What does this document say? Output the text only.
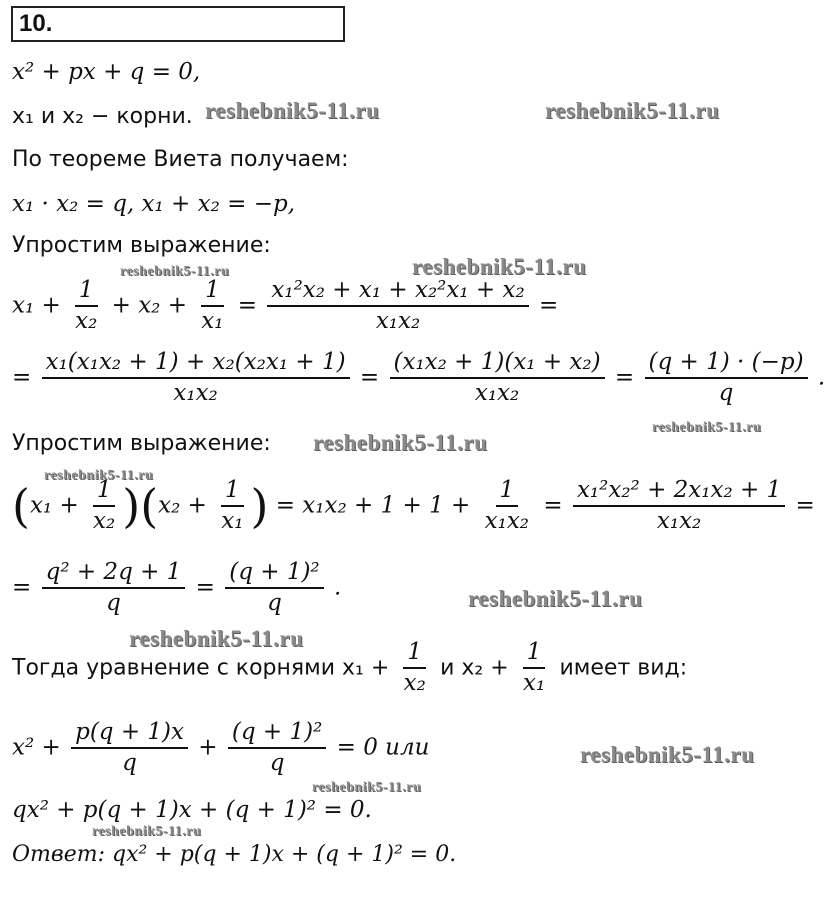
10.
x² + px + q = 0,
x₁ и x₂ − корни.
По теореме Виета получаем:
x₁ · x₂ = q, x₁ + x₂ = −p,
Упростим выражение:
$x_1 + \frac{1}{\text{x₂}} + x_2 + \frac{1}{\text{x₁}} = \frac{\text{x₁²x₂ + x₁ + x₂²x₁ + x₂}}{\text{x₁x₂}}$ =
= $\frac{\text{x₁(x₁x₂ + 1) + x₂(x₂x₁ + 1)}}{\text{x₁x₂}} = \frac{\text{(x₁x₂ + 1)(x₁ + x₂)}}{\text{x₁x₂}} = \frac{(q + 1) \cdot (-p)}{q}$ .
Упростим выражение:
$(x_1 + \frac{1}{\text{x₂}} )(x_2 + \frac{1}{\text{x₁}}$ ) = $x_1x_2 + 1 + 1 + \frac{1}{\text{x₁x₂}} = \frac{\text{x₁²x₂² + 2x₁x₂ + 1}}{\text{x₁x₂}}$ =
= $\frac{\text{q² + 2q + 1}}{q} = \frac{\text{(q + 1)²}}{q}$ .
Тогда уравнение с корнями $x_1 + \frac{1}{\text{x₂}}$ и $x_2 + \frac{1}{\text{x₁}}$ имеет вид:
$x^2 + \frac{p(q + 1)x}{q} + \frac{\text{(q + 1)²}}{q} = 0$ или
qx² + p(q + 1)x + (q + 1)² = 0.
Ответ: qx² + p(q + 1)x + (q + 1)² = 0.
reshebnik5-11.ru	reshebnik5-11.ru
reshebnik5-11.ru	reshebnik5-11.ru
reshebnik5-11.ru
reshebnik5-11.ru
reshebnik5-11.ru
reshebnik5-11.ru
reshebnik5-11.ru
reshebnik5-11.ru
reshebnik5-11.ru
reshebnik5-11.ru
